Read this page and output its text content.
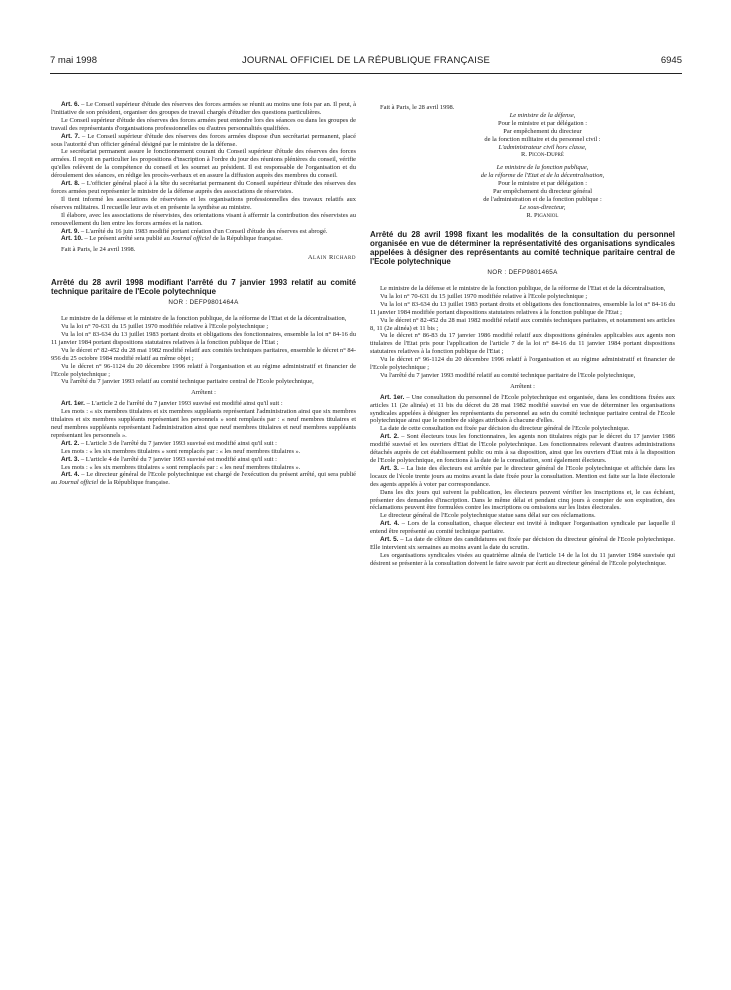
7 mai 1998	JOURNAL OFFICIEL DE LA RÉPUBLIQUE FRANÇAISE	6945

Art. 6. – Le Conseil supérieur d'étude des réserves des forces armées se réunit au moins une fois par an. Il peut, à l'initiative de son président, organiser des groupes de travail chargés d'étudier des questions particulières.

Le Conseil supérieur d'étude des réserves des forces armées peut entendre lors des séances ou dans les groupes de travail des représentants d'organisations professionnelles ou d'autres personnalités qualifiées.

Art. 7. – Le Conseil supérieur d'étude des réserves des forces armées dispose d'un secrétariat permanent, placé sous l'autorité d'un officier général désigné par le ministre de la défense.

Le secrétariat permanent assure le fonctionnement courant du Conseil supérieur d'étude des réserves des forces armées. Il reçoit en particulier les propositions d'inscription à l'ordre du jour des réunions plénières du conseil, vérifie qu'elles relèvent de la compétence du conseil et les soumet au président. Il est responsable de l'organisation et du déroulement des séances, en rédige les procès-verbaux et en assure la diffusion auprès des membres du conseil.

Art. 8. – L'officier général placé à la tête du secrétariat permanent du Conseil supérieur d'étude des réserves des forces armées peut représenter le ministre de la défense auprès des associations de réservistes.

Il tient informé les associations de réservistes et les organisations professionnelles des travaux relatifs aux réserves militaires. Il recueille leur avis et en présente la synthèse au ministre.

Il élabore, avec les associations de réservistes, des orientations visant à affermir la contribution des réservistes au renouvellement du lien entre les forces armées et la nation.

Art. 9. – L'arrêté du 16 juin 1983 modifié portant création d'un Conseil d'étude des réserves est abrogé.

Art. 10. – Le présent arrêté sera publié au Journal officiel de la République française.

Fait à Paris, le 24 avril 1998.

Alain Richard
Arrêté du 28 avril 1998 modifiant l'arrêté du 7 janvier 1993 relatif au comité technique paritaire de l'Ecole polytechnique
NOR : DEFP9801464A

Le ministre de la défense et le ministre de la fonction publique, de la réforme de l'Etat et de la décentralisation,

Vu la loi n° 70-631 du 15 juillet 1970 modifiée relative à l'Ecole polytechnique ;

Vu la loi n° 83-634 du 13 juillet 1983 portant droits et obligations des fonctionnaires, ensemble la loi n° 84-16 du 11 janvier 1984 portant dispositions statutaires relatives à la fonction publique de l'Etat ;

Vu le décret n° 82-452 du 28 mai 1982 modifié relatif aux comités techniques paritaires, ensemble le décret n° 84-956 du 25 octobre 1984 modifié relatif au même objet ;

Vu le décret n° 96-1124 du 20 décembre 1996 relatif à l'organisation et au régime administratif et financier de l'Ecole polytechnique ;

Vu l'arrêté du 7 janvier 1993 relatif au comité technique paritaire central de l'Ecole polytechnique,

Arrêtent :

Art. 1er. – L'article 2 de l'arrêté du 7 janvier 1993 susvisé est modifié ainsi qu'il suit :

Les mots : « six membres titulaires et six membres suppléants représentant l'administration ainsi que six membres titulaires et six membres suppléants représentant les personnels » sont remplacés par : « neuf membres titulaires et neuf membres suppléants représentant l'administration ainsi que neuf membres titulaires et neuf membres suppléants représentant les personnels ».

Art. 2. – L'article 3 de l'arrêté du 7 janvier 1993 susvisé est modifié ainsi qu'il suit :

Les mots : « les six membres titulaires » sont remplacés par : « les neuf membres titulaires ».

Art. 3. – L'article 4 de l'arrêté du 7 janvier 1993 susvisé est modifié ainsi qu'il suit :

Les mots : « les six membres titulaires » sont remplacés par : « les neuf membres titulaires ».

Art. 4. – Le directeur général de l'Ecole polytechnique est chargé de l'exécution du présent arrêté, qui sera publié au Journal officiel de la République française.

Fait à Paris, le 28 avril 1998.

Le ministre de la défense,
Pour le ministre et par délégation :
Par empêchement du directeur
de la fonction militaire et du personnel civil :
L'administrateur civil hors classe,
R. Picon-Dupré
Le ministre de la fonction publique,
de la réforme de l'Etat et de la décentralisation,
Pour le ministre et par délégation :
Par empêchement du directeur général
de l'administration et de la fonction publique :
Le sous-directeur,
R. Piganiol
Arrêté du 28 avril 1998 fixant les modalités de la consultation du personnel organisée en vue de déterminer la représentativité des organisations syndicales appelées à désigner des représentants au comité technique paritaire central de l'Ecole polytechnique
NOR : DEFP9801465A

Le ministre de la défense et le ministre de la fonction publique, de la réforme de l'Etat et de la décentralisation,

Vu la loi n° 70-631 du 15 juillet 1970 modifiée relative à l'Ecole polytechnique ;

Vu la loi n° 83-634 du 13 juillet 1983 portant droits et obligations des fonctionnaires, ensemble la loi n° 84-16 du 11 janvier 1984 modifiée portant dispositions statutaires relatives à la fonction publique de l'Etat ;

Vu le décret n° 82-452 du 28 mai 1982 modifié relatif aux comités techniques paritaires, et notamment ses articles 8, 11 (2e alinéa) et 11 bis ;

Vu le décret n° 86-83 du 17 janvier 1986 modifié relatif aux dispositions générales applicables aux agents non titulaires de l'Etat pris pour l'application de l'article 7 de la loi n° 84-16 du 11 janvier 1984 portant dispositions statutaires relatives à la fonction publique de l'Etat ;

Vu le décret n° 96-1124 du 20 décembre 1996 relatif à l'organisation et au régime administratif et financier de l'Ecole polytechnique ;

Vu l'arrêté du 7 janvier 1993 modifié relatif au comité technique paritaire de l'Ecole polytechnique,

Arrêtent :

Art. 1er. – Une consultation du personnel de l'Ecole polytechnique est organisée, dans les conditions fixées aux articles 11 (2e alinéa) et 11 bis du décret du 28 mai 1982 modifié susvisé en vue de déterminer les organisations syndicales appelées à désigner les représentants du personnel au sein du comité technique paritaire central de l'Ecole polytechnique ainsi que le nombre de sièges attribués à chacune d'elles.

La date de cette consultation est fixée par décision du directeur général de l'Ecole polytechnique.

Art. 2. – Sont électeurs tous les fonctionnaires, les agents non titulaires régis par le décret du 17 janvier 1986 modifié susvisé et les ouvriers d'Etat de l'Ecole polytechnique. Les fonctionnaires relevant d'autres administrations détachés auprès de cet établissement public ou mis à sa disposition, ainsi que les ouvriers d'Etat mis à la disposition de l'Ecole polytechnique, en fonctions à la date de la consultation, sont également électeurs.

Art. 3. – La liste des électeurs est arrêtée par le directeur général de l'Ecole polytechnique et affichée dans les locaux de l'école trente jours au moins avant la date fixée pour la consultation. Mention est faite sur la liste électorale des agents appelés à voter par correspondance.

Dans les dix jours qui suivent la publication, les électeurs peuvent vérifier les inscriptions et, le cas échéant, présenter des demandes d'inscription. Dans le même délai et pendant cinq jours à compter de son expiration, des réclamations peuvent être formulées contre les inscriptions ou omissions sur les listes électorales.

Le directeur général de l'Ecole polytechnique statue sans délai sur ces réclamations.

Art. 4. – Lors de la consultation, chaque électeur est invité à indiquer l'organisation syndicale par laquelle il entend être représenté au comité technique paritaire.

Art. 5. – La date de clôture des candidatures est fixée par décision du directeur général de l'Ecole polytechnique. Elle intervient six semaines au moins avant la date du scrutin.

Les organisations syndicales visées au quatrième alinéa de l'article 14 de la loi du 11 janvier 1984 susvisée qui désirent se présenter à la consultation doivent le faire savoir par écrit au directeur général de l'Ecole polytechnique.
